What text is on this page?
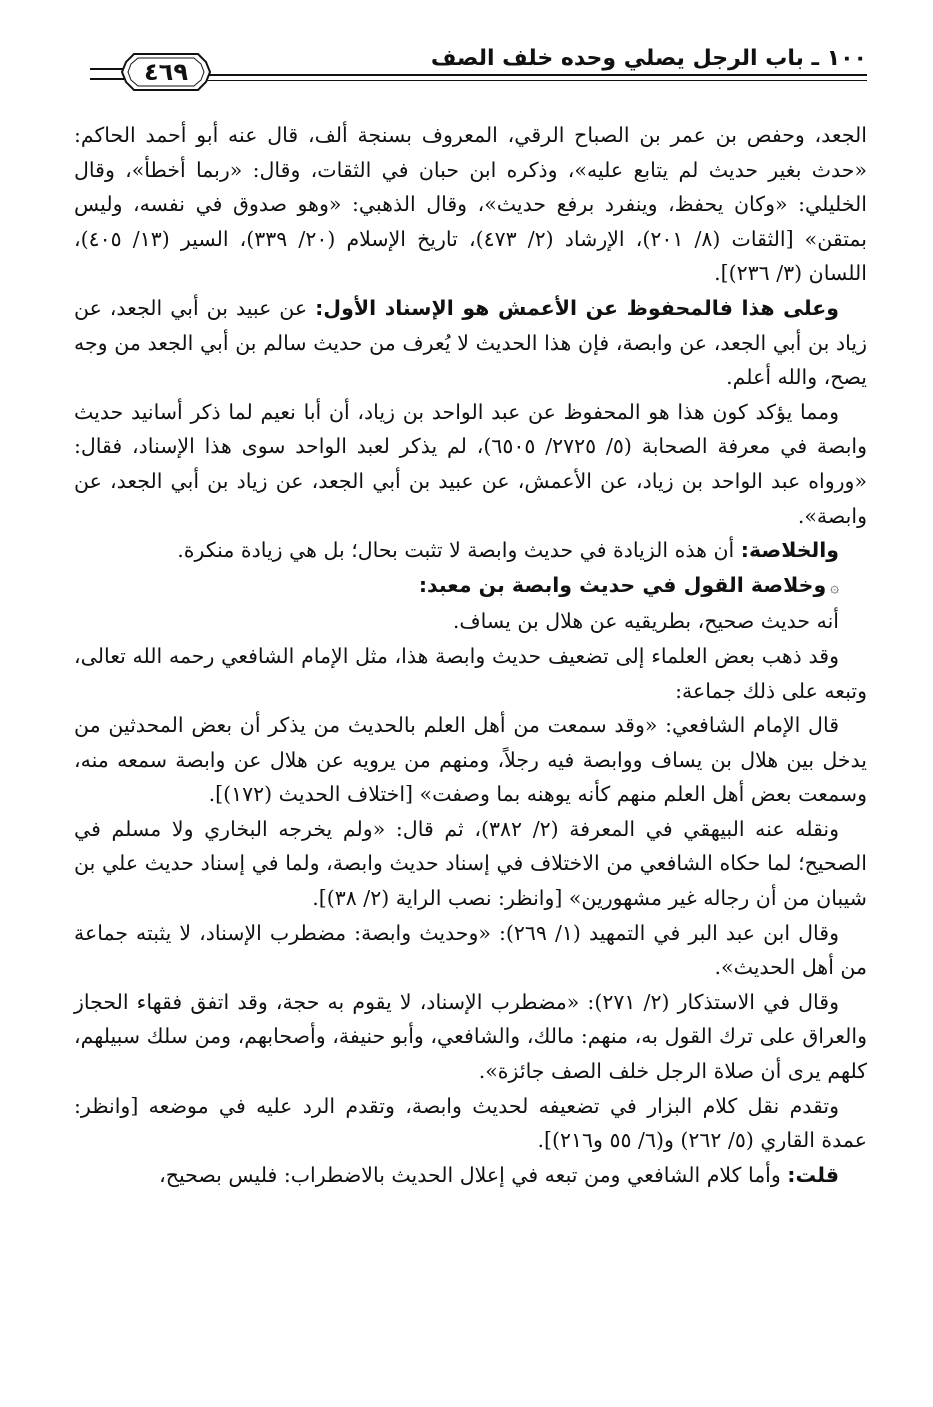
١٠٠ ـ باب الرجل يصلي وحده خلف الصف
٤٦٩

الجعد، وحفص بن عمر بن الصباح الرقي، المعروف بسنجة ألف، قال عنه أبو أحمد الحاكم: «حدث بغير حديث لم يتابع عليه»، وذكره ابن حبان في الثقات، وقال: «ربما أخطأ»، وقال الخليلي: «وكان يحفظ، وينفرد برفع حديث»، وقال الذهبي: «وهو صدوق في نفسه، وليس بمتقن» [الثقات (٨/ ٢٠١)، الإرشاد (٢/ ٤٧٣)، تاريخ الإسلام (٢٠/ ٣٣٩)، السير (١٣/ ٤٠٥)، اللسان (٣/ ٢٣٦)].

وعلى هذا فالمحفوظ عن الأعمش هو الإسناد الأول: عن عبيد بن أبي الجعد، عن زياد بن أبي الجعد، عن وابصة، فإن هذا الحديث لا يُعرف من حديث سالم بن أبي الجعد من وجه يصح، والله أعلم.

ومما يؤكد كون هذا هو المحفوظ عن عبد الواحد بن زياد، أن أبا نعيم لما ذكر أسانيد حديث وابصة في معرفة الصحابة (٥/ ٢٧٢٥/ ٦٥٠٥)، لم يذكر لعبد الواحد سوى هذا الإسناد، فقال: «ورواه عبد الواحد بن زياد، عن الأعمش، عن عبيد بن أبي الجعد، عن زياد بن أبي الجعد، عن وابصة».

والخلاصة: أن هذه الزيادة في حديث وابصة لا تثبت بحال؛ بل هي زيادة منكرة.

۞وخلاصة القول في حديث وابصة بن معبد:

أنه حديث صحيح، بطريقيه عن هلال بن يساف.

وقد ذهب بعض العلماء إلى تضعيف حديث وابصة هذا، مثل الإمام الشافعي رحمه الله تعالى، وتبعه على ذلك جماعة:

قال الإمام الشافعي: «وقد سمعت من أهل العلم بالحديث من يذكر أن بعض المحدثين من يدخل بين هلال بن يساف ووابصة فيه رجلاً، ومنهم من يرويه عن هلال عن وابصة سمعه منه، وسمعت بعض أهل العلم منهم كأنه يوهنه بما وصفت» [اختلاف الحديث (١٧٢)].

ونقله عنه البيهقي في المعرفة (٢/ ٣٨٢)، ثم قال: «ولم يخرجه البخاري ولا مسلم في الصحيح؛ لما حكاه الشافعي من الاختلاف في إسناد حديث وابصة، ولما في إسناد حديث علي بن شيبان من أن رجاله غير مشهورين» [وانظر: نصب الراية (٢/ ٣٨)].

وقال ابن عبد البر في التمهيد (١/ ٢٦٩): «وحديث وابصة: مضطرب الإسناد، لا يثبته جماعة من أهل الحديث».

وقال في الاستذكار (٢/ ٢٧١): «مضطرب الإسناد، لا يقوم به حجة، وقد اتفق فقهاء الحجاز والعراق على ترك القول به، منهم: مالك، والشافعي، وأبو حنيفة، وأصحابهم، ومن سلك سبيلهم، كلهم يرى أن صلاة الرجل خلف الصف جائزة».

وتقدم نقل كلام البزار في تضعيفه لحديث وابصة، وتقدم الرد عليه في موضعه [وانظر: عمدة القاري (٥/ ٢٦٢) و(٦/ ٥٥ و٢١٦)].

قلت: وأما كلام الشافعي ومن تبعه في إعلال الحديث بالاضطراب: فليس بصحيح،
